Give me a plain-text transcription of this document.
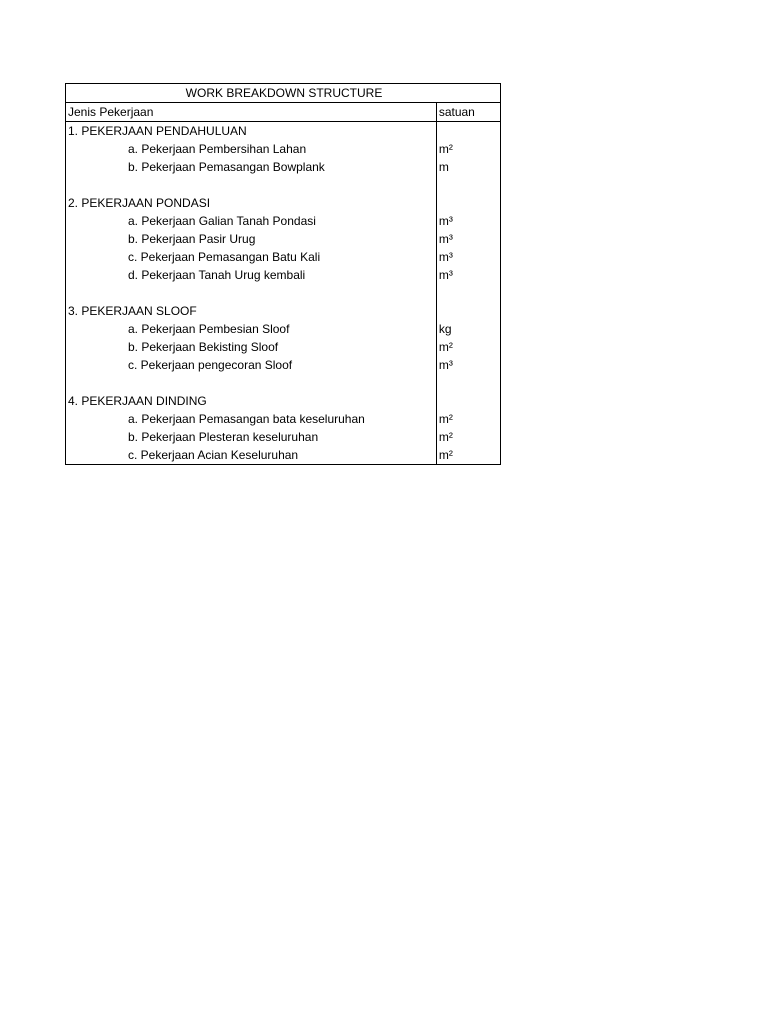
WORK BREAKDOWN STRUCTURE	
Jenis Pekerjaan	satuan
1. PEKERJAAN PENDAHULUAN	
a. Pekerjaan Pembersihan Lahan	m²
b. Pekerjaan Pemasangan Bowplank	m

2. PEKERJAAN PONDASI	
a. Pekerjaan Galian Tanah Pondasi	m³
b. Pekerjaan Pasir Urug	m³
c. Pekerjaan Pemasangan Batu Kali	m³
d. Pekerjaan Tanah Urug kembali	m³

3. PEKERJAAN SLOOF	
a. Pekerjaan Pembesian Sloof	kg
b. Pekerjaan Bekisting Sloof	m²
c. Pekerjaan pengecoran Sloof	m³

4. PEKERJAAN DINDING	
a. Pekerjaan Pemasangan bata keseluruhan	m²
b. Pekerjaan Plesteran keseluruhan	m²
c. Pekerjaan Acian Keseluruhan	m²
